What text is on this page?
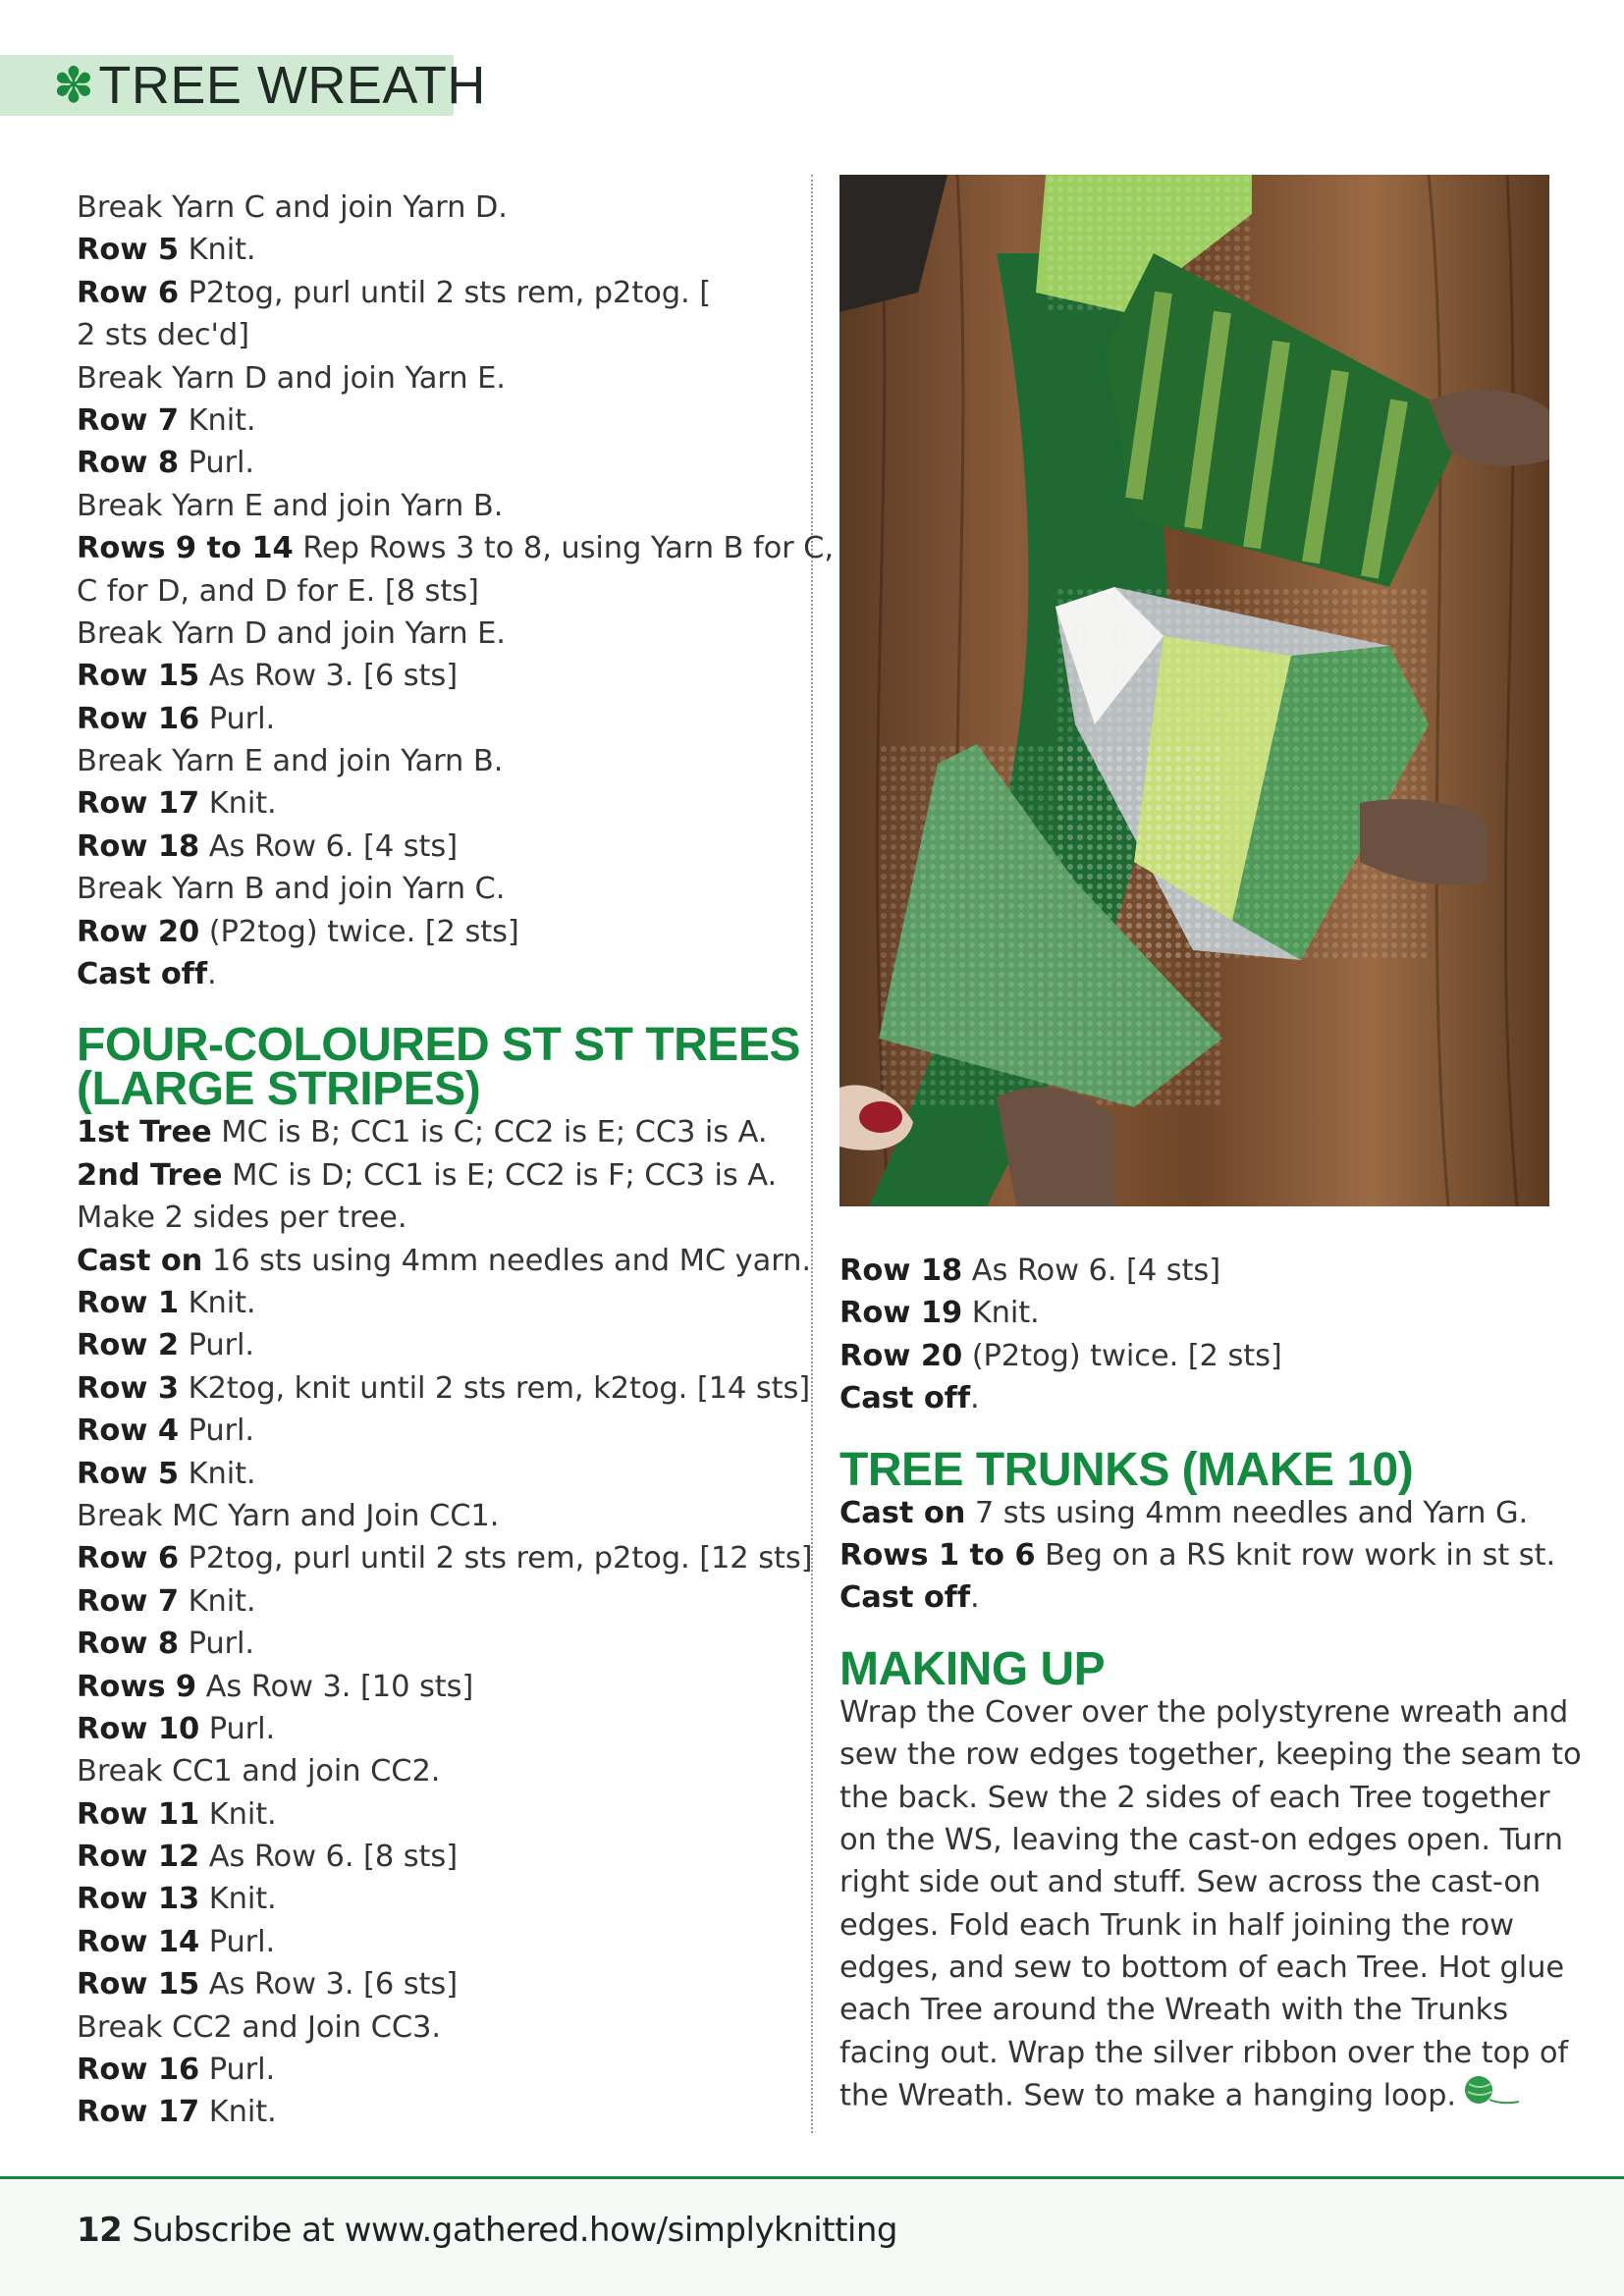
✽ TREE WREATH
Break Yarn C and join Yarn D.
Row 5 Knit.
Row 6 P2tog, purl until 2 sts rem, p2tog. [
2 sts dec'd]
Break Yarn D and join Yarn E.
Row 7 Knit.
Row 8 Purl.
Break Yarn E and join Yarn B.
Rows 9 to 14 Rep Rows 3 to 8, using Yarn B for C,
C for D, and D for E. [8 sts]
Break Yarn D and join Yarn E.
Row 15 As Row 3. [6 sts]
Row 16 Purl.
Break Yarn E and join Yarn B.
Row 17 Knit.
Row 18 As Row 6. [4 sts]
Break Yarn B and join Yarn C.
Row 20 (P2tog) twice. [2 sts]
Cast off.
FOUR-COLOURED ST ST TREES
(LARGE STRIPES)
1st Tree MC is B; CC1 is C; CC2 is E; CC3 is A.
2nd Tree MC is D; CC1 is E; CC2 is F; CC3 is A.
Make 2 sides per tree.
Cast on 16 sts using 4mm needles and MC yarn.
Row 1 Knit.
Row 2 Purl.
Row 3 K2tog, knit until 2 sts rem, k2tog. [14 sts]
Row 4 Purl.
Row 5 Knit.
Break MC Yarn and Join CC1.
Row 6 P2tog, purl until 2 sts rem, p2tog. [12 sts]
Row 7 Knit.
Row 8 Purl.
Rows 9 As Row 3. [10 sts]
Row 10 Purl.
Break CC1 and join CC2.
Row 11 Knit.
Row 12 As Row 6. [8 sts]
Row 13 Knit.
Row 14 Purl.
Row 15 As Row 3. [6 sts]
Break CC2 and Join CC3.
Row 16 Purl.
Row 17 Knit.
Row 18 As Row 6. [4 sts]
Row 19 Knit.
Row 20 (P2tog) twice. [2 sts]
Cast off.
TREE TRUNKS (MAKE 10)
Cast on 7 sts using 4mm needles and Yarn G.
Rows 1 to 6 Beg on a RS knit row work in st st.
Cast off.
MAKING UP
Wrap the Cover over the polystyrene wreath and
sew the row edges together, keeping the seam to
the back. Sew the 2 sides of each Tree together
on the WS, leaving the cast-on edges open. Turn
right side out and stuff. Sew across the cast-on
edges. Fold each Trunk in half joining the row
edges, and sew to bottom of each Tree. Hot glue
each Tree around the Wreath with the Trunks
facing out. Wrap the silver ribbon over the top of
the Wreath. Sew to make a hanging loop.
12 Subscribe at www.gathered.how/simplyknitting
